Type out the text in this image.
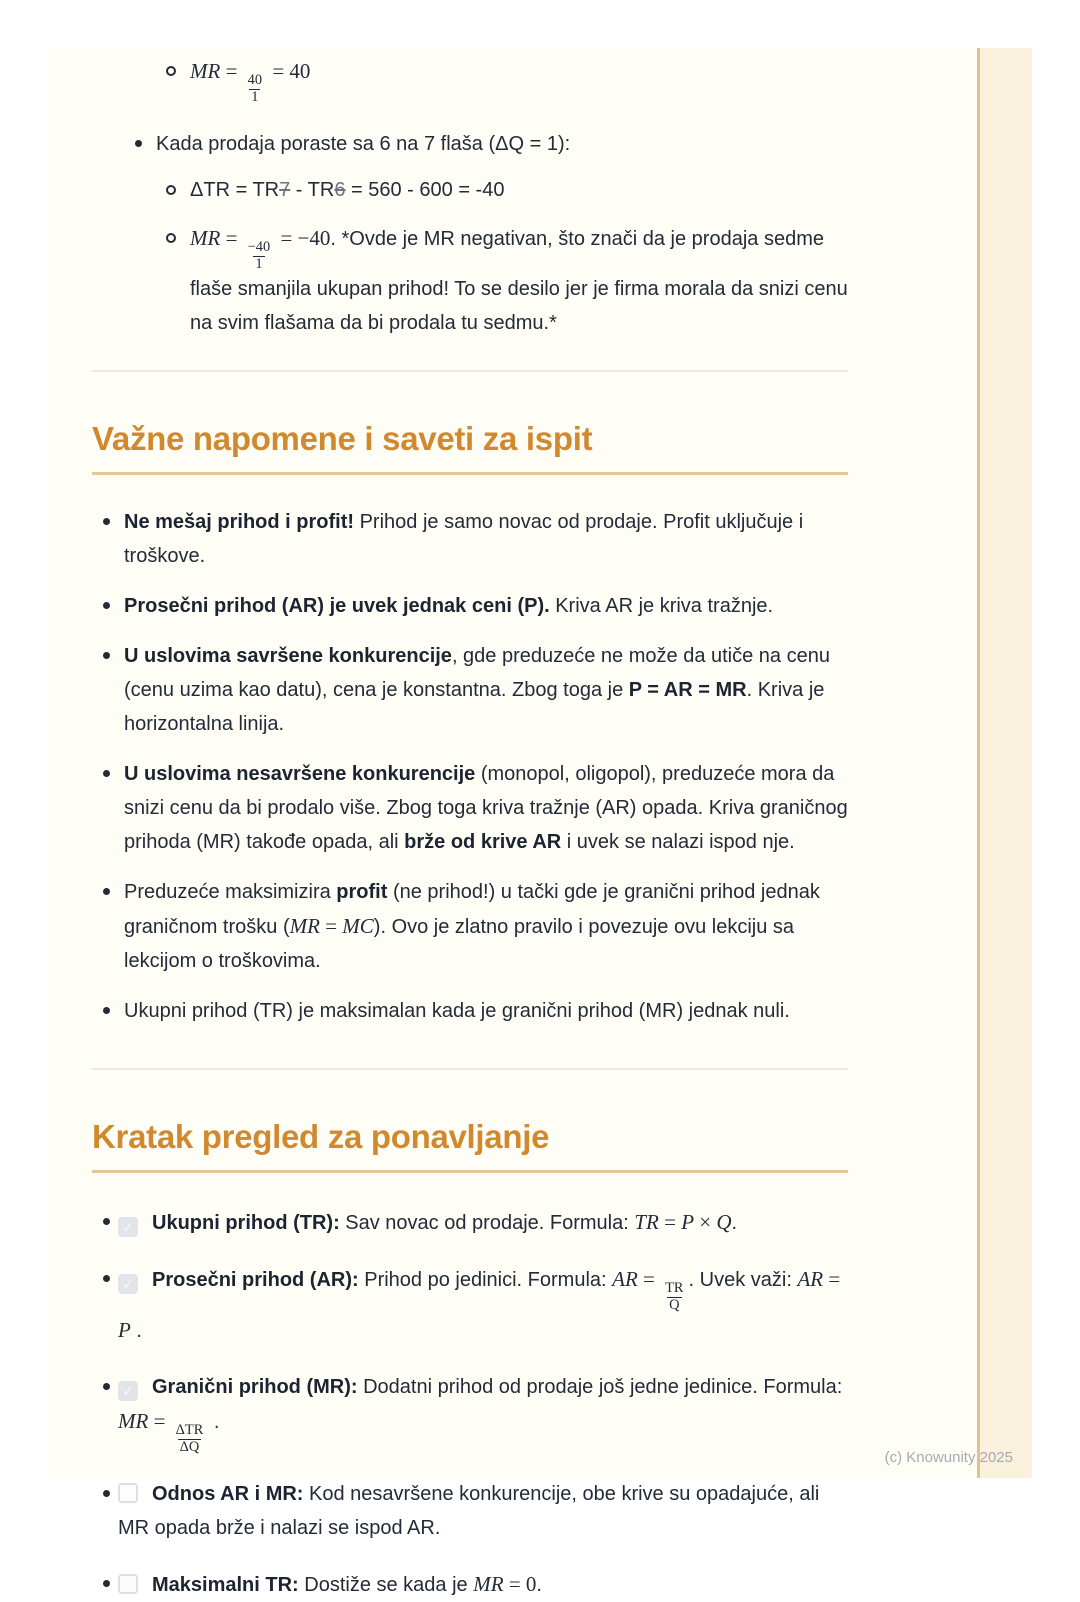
MR =
$\frac{40}{1}$
= 40
Kada prodaja poraste sa 6 na 7 flaša (ΔQ = 1):
ΔTR = TR7 - TR6 = 560 - 600 = -40
MR =
$\frac{-40}{1}$
= −40. *Ovde je MR negativan, što znači da je prodaja sedme flaše smanjila ukupan prihod! To se desilo jer je firma morala da snizi cenu na svim flašama da bi prodala tu sedmu.*
Važne napomene i saveti za ispit
Ne mešaj prihod i profit! Prihod je samo novac od prodaje. Profit uključuje i troškove.
Prosečni prihod (AR) je uvek jednak ceni (P). Kriva AR je kriva tražnje.
U uslovima savršene konkurencije, gde preduzeće ne može da utiče na cenu (cenu uzima kao datu), cena je konstantna. Zbog toga je P = AR = MR. Kriva je horizontalna linija.
U uslovima nesavršene konkurencije (monopol, oligopol), preduzeće mora da snizi cenu da bi prodalo više. Zbog toga kriva tražnje (AR) opada. Kriva graničnog prihoda (MR) takođe opada, ali brže od krive AR i uvek se nalazi ispod nje.
Preduzeće maksimizira profit (ne prihod!) u tački gde je granični prihod jednak graničnom trošku (MR = MC). Ovo je zlatno pravilo i povezuje ovu lekciju sa lekcijom o troškovima.
Ukupni prihod (TR) je maksimalan kada je granični prihod (MR) jednak nuli.
Kratak pregled za ponavljanje
✓ Ukupni prihod (TR): Sav novac od prodaje. Formula: TR = P × Q.
✓ Prosečni prihod (AR): Prihod po jedinici. Formula: AR =
$\frac{TR}{Q}$
. Uvek važi: AR = P .
✓ Granični prihod (MR): Dodatni prihod od prodaje još jedne jedinice. Formula: MR =
$\frac{\text{ΔTR}}{\Delta Q}$
.
Odnos AR i MR: Kod nesavršene konkurencije, obe krive su opadajuće, ali MR opada brže i nalazi se ispod AR.
Maksimalni TR: Dostiže se kada je MR = 0.
(c) Knowunity 2025
